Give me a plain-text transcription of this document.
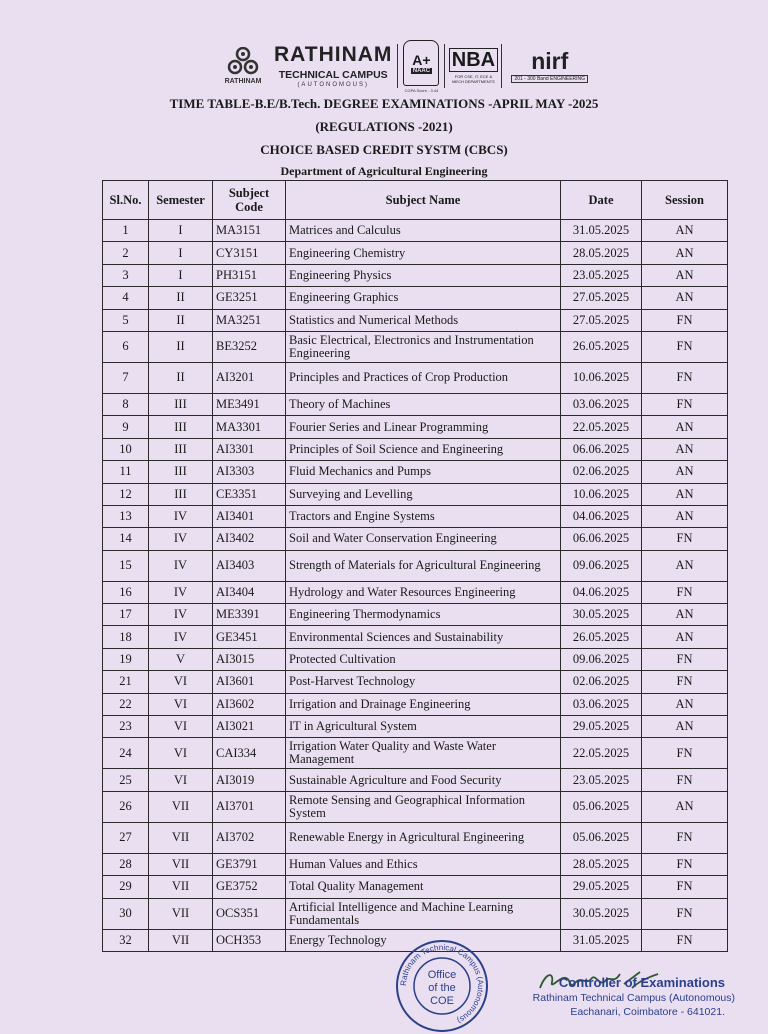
RATHINAM
RATHINAM
TECHNICAL CAMPUS
(AUTONOMOUS)
A+
NAAC
CGPA Score - 3.44
NBA
FOR CSE, IT, ECE & MECH DEPARTMENTS
nirf
201 - 300 Band ENGINEERING
TIME TABLE-B.E/B.Tech. DEGREE EXAMINATIONS -APRIL MAY -2025
(REGULATIONS -2021)
CHOICE BASED CREDIT SYSTM (CBCS)
Department of Agricultural Engineering
Sl.No.	Semester	Subject Code	Subject Name	Date	Session
1	I	MA3151	Matrices and Calculus	31.05.2025	AN
2	I	CY3151	Engineering Chemistry	28.05.2025	AN
3	I	PH3151	Engineering Physics	23.05.2025	AN
4	II	GE3251	Engineering Graphics	27.05.2025	AN
5	II	MA3251	Statistics and Numerical Methods	27.05.2025	FN
6	II	BE3252	Basic Electrical, Electronics and Instrumentation Engineering	26.05.2025	FN
7	II	AI3201	Principles and Practices of Crop Production	10.06.2025	FN
8	III	ME3491	Theory of Machines	03.06.2025	FN
9	III	MA3301	Fourier Series and Linear Programming	22.05.2025	AN
10	III	AI3301	Principles of Soil Science and Engineering	06.06.2025	AN
11	III	AI3303	Fluid Mechanics and Pumps	02.06.2025	AN
12	III	CE3351	Surveying and Levelling	10.06.2025	AN
13	IV	AI3401	Tractors and Engine Systems	04.06.2025	AN
14	IV	AI3402	Soil and Water Conservation Engineering	06.06.2025	FN
15	IV	AI3403	Strength of Materials for Agricultural Engineering	09.06.2025	AN
16	IV	AI3404	Hydrology and Water Resources Engineering	04.06.2025	FN
17	IV	ME3391	Engineering Thermodynamics	30.05.2025	AN
18	IV	GE3451	Environmental Sciences and Sustainability	26.05.2025	AN
19	V	AI3015	Protected Cultivation	09.06.2025	FN
21	VI	AI3601	Post-Harvest Technology	02.06.2025	FN
22	VI	AI3602	Irrigation and Drainage Engineering	03.06.2025	AN
23	VI	AI3021	IT in Agricultural System	29.05.2025	AN
24	VI	CAI334	Irrigation Water Quality and Waste Water Management	22.05.2025	FN
25	VI	AI3019	Sustainable Agriculture and Food Security	23.05.2025	FN
26	VII	AI3701	Remote Sensing and Geographical Information System	05.06.2025	AN
27	VII	AI3702	Renewable Energy in Agricultural Engineering	05.06.2025	FN
28	VII	GE3791	Human Values and Ethics	28.05.2025	FN
29	VII	GE3752	Total Quality Management	29.05.2025	FN
30	VII	OCS351	Artificial Intelligence and Machine Learning Fundamentals	30.05.2025	FN
32	VII	OCH353	Energy Technology	31.05.2025	FN
Rathinam Technical Campus (Autonomous)
Office
of the
COE
Controller of Examinations
Rathinam Technical Campus (Autonomous)
Eachanari, Coimbatore - 641021.
